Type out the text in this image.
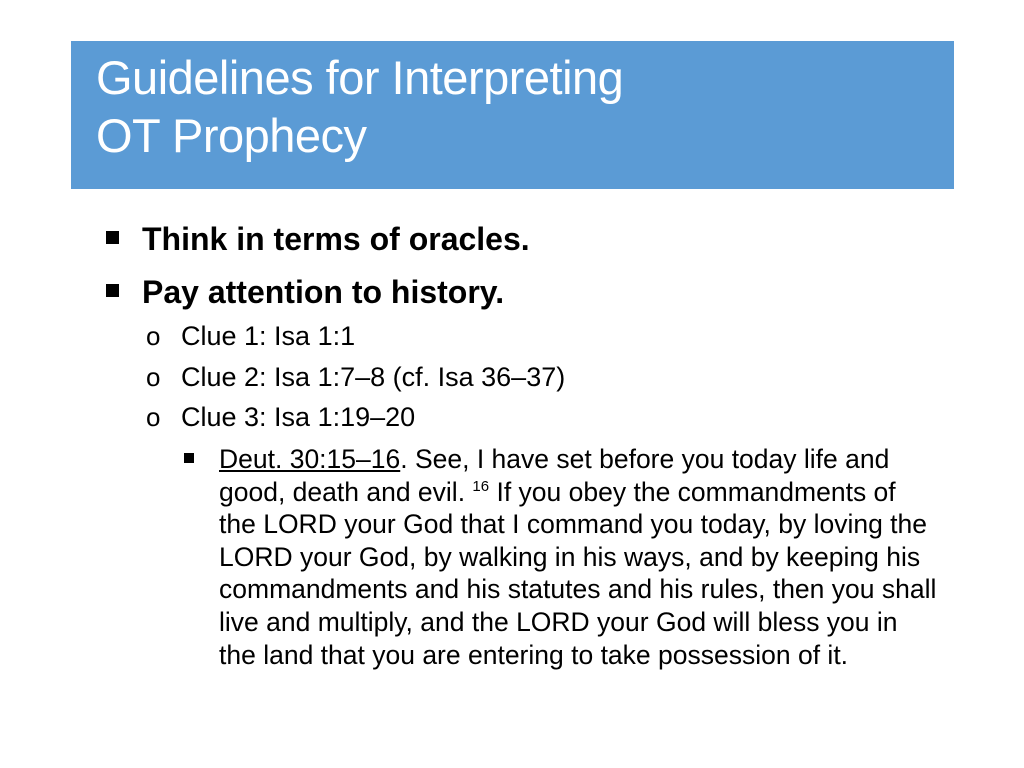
Guidelines for Interpreting
OT Prophecy
Think in terms of oracles.
Pay attention to history.
o Clue 1: Isa 1:1
o Clue 2: Isa 1:7–8 (cf. Isa 36–37)
o Clue 3: Isa 1:19–20
Deut. 30:15–16. See, I have set before you today life and good, death and evil. $^{16}$ If you obey the commandments of the LORD your God that I command you today, by loving the LORD your God, by walking in his ways, and by keeping his commandments and his statutes and his rules, then you shall live and multiply, and the LORD your God will bless you in the land that you are entering to take possession of it.
